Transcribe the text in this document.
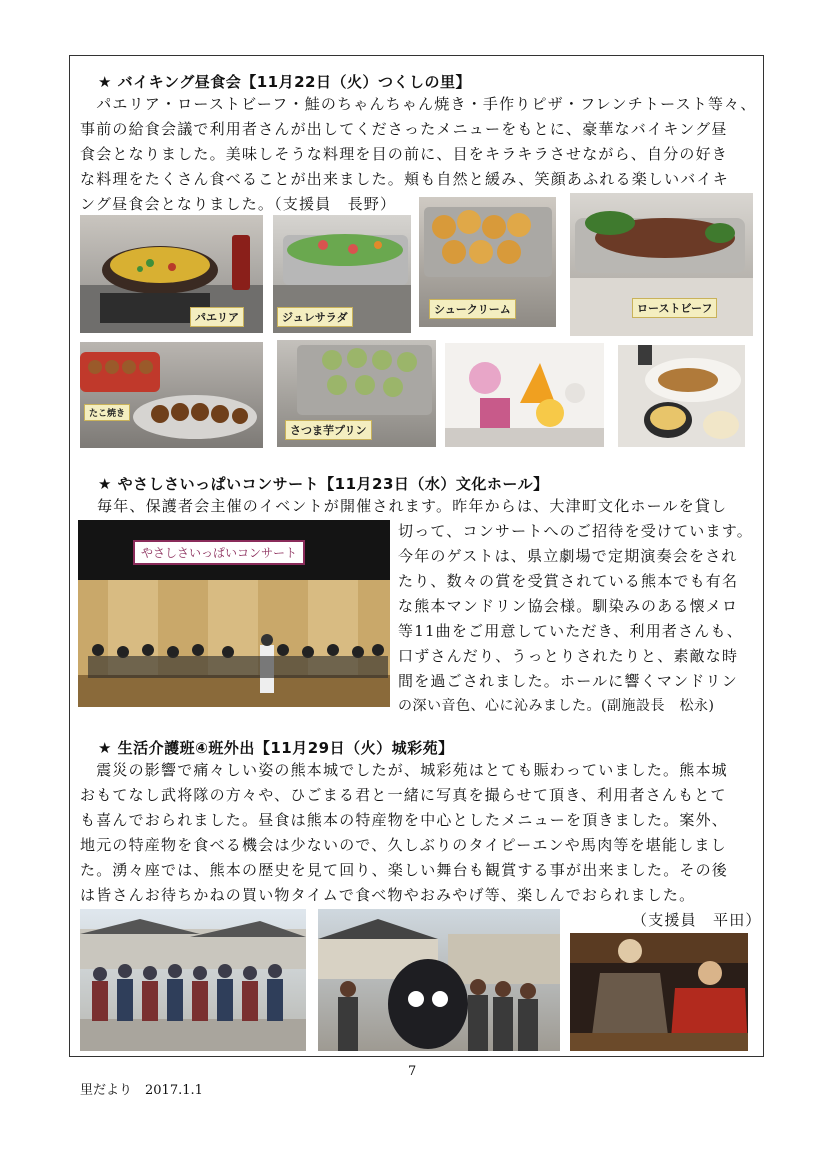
★ バイキング昼食会【11月22日（火）つくしの里】

　パエリア・ローストビーフ・鮭のちゃんちゃん焼き・手作りピザ・フレンチトースト等々、

事前の給食会議で利用者さんが出してくださったメニューをもとに、豪華なバイキング昼

食会となりました。美味しそうな料理を目の前に、目をキラキラさせながら、自分の好き

な料理をたくさん食べることが出来ました。頬も自然と緩み、笑顔あふれる楽しいバイキ

ング昼食会となりました。（支援員　長野）

パエリア	ジュレサラダ
シュークリーム	ローストビーフ
たこ焼き
さつま芋プリン
★ やさしさいっぱいコンサート【11月23日（水）文化ホール】
毎年、保護者会主催のイベントが開催されます。昨年からは、大津町文化ホールを貸し
やさしさいっぱいコンサート

切って、コンサートへのご招待を受けています。

今年のゲストは、県立劇場で定期演奏会をされ

たり、数々の賞を受賞されている熊本でも有名

な熊本マンドリン協会様。馴染みのある懐メロ

等11曲をご用意していただき、利用者さんも、

口ずさんだり、うっとりされたりと、素敵な時

間を過ごされました。ホールに響くマンドリン

の深い音色、心に沁みました。(副施設長　松永)

★ 生活介護班④班外出【11月29日（火）城彩苑】

　震災の影響で痛々しい姿の熊本城でしたが、城彩苑はとても賑わっていました。熊本城

おもてなし武将隊の方々や、ひごまる君と一緒に写真を撮らせて頂き、利用者さんもとて

も喜んでおられました。昼食は熊本の特産物を中心としたメニューを頂きました。案外、

地元の特産物を食べる機会は少ないので、久しぶりのタイピーエンや馬肉等を堪能しまし

た。湧々座では、熊本の歴史を見て回り、楽しい舞台も観賞する事が出来ました。その後

は皆さんお待ちかねの買い物タイムで食べ物やおみやげ等、楽しんでおられました。

（支援員　平田）
7
里だより　2017.1.1
